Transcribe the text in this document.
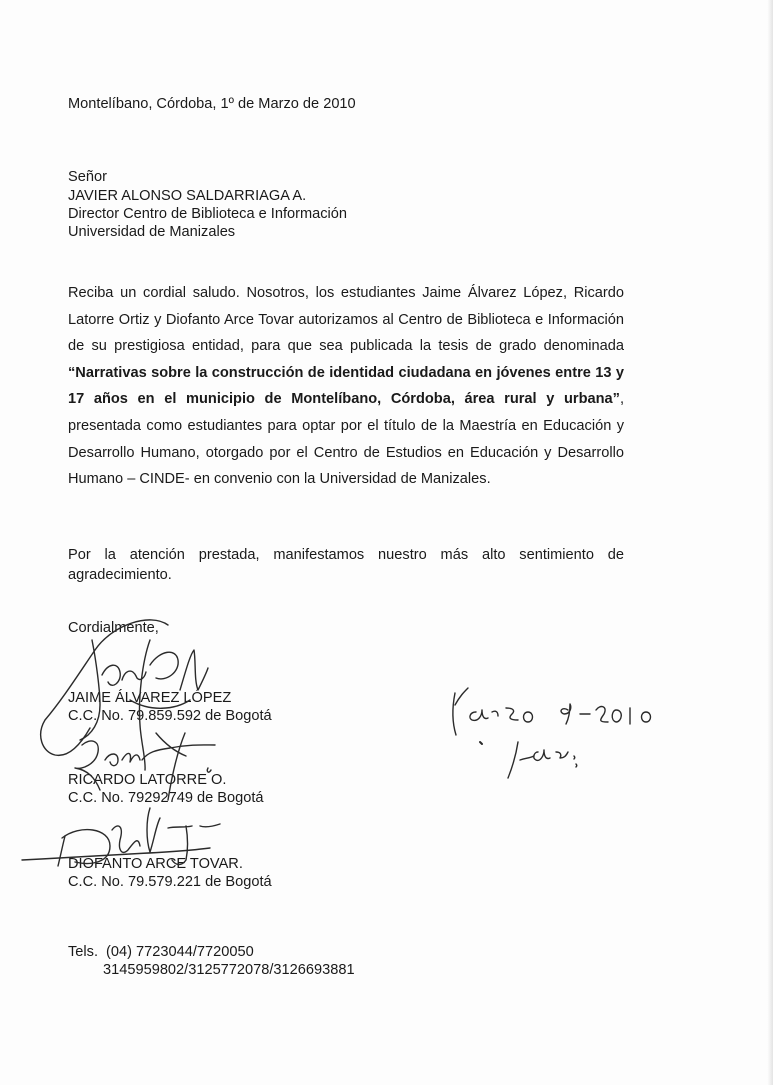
Montelíbano, Córdoba, 1º de Marzo de 2010
Señor
JAVIER ALONSO SALDARRIAGA A.
Director Centro de Biblioteca e Información
Universidad de Manizales
Reciba un cordial saludo. Nosotros, los estudiantes Jaime Álvarez López, Ricardo Latorre Ortiz y Diofanto Arce Tovar autorizamos al Centro de Biblioteca e Información de su prestigiosa entidad, para que sea publicada la tesis de grado denominada “Narrativas sobre la construcción de identidad ciudadana en jóvenes entre 13 y 17 años en el municipio de Montelíbano, Córdoba, área rural y urbana”, presentada como estudiantes para optar por el título de la Maestría en Educación y Desarrollo Humano, otorgado por el Centro de Estudios en Educación y Desarrollo Humano – CINDE- en convenio con la Universidad de Manizales.
Por la atención prestada, manifestamos nuestro más alto sentimiento de agradecimiento.
Cordialmente,
JAIME ÁLVAREZ LÓPEZ
C.C. No. 79.859.592 de Bogotá
RICARDO LATORRE O.
C.C. No. 79292749 de Bogotá
DIOFANTO ARCE TOVAR.
C.C. No. 79.579.221 de Bogotá
Tels. (04) 7723044/7720050
3145959802/3125772078/3126693881
